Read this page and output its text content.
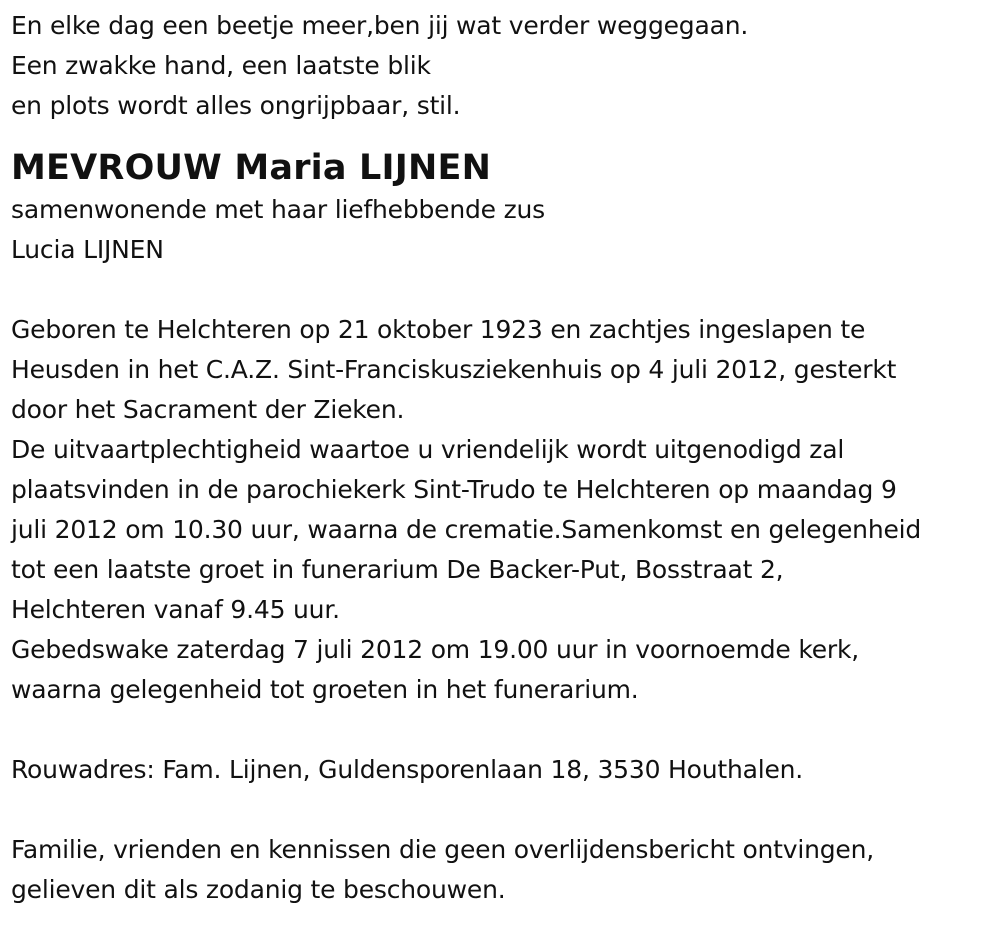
En elke dag een beetje meer,ben jij wat verder weggegaan.
Een zwakke hand, een laatste blik
en plots wordt alles ongrijpbaar, stil.
MEVROUW Maria LIJNEN
samenwonende met haar liefhebbende zus
Lucia LIJNEN
Geboren te Helchteren op 21 oktober 1923 en zachtjes ingeslapen te
Heusden in het C.A.Z. Sint-Franciskusziekenhuis op 4 juli 2012, gesterkt
door het Sacrament der Zieken.
De uitvaartplechtigheid waartoe u vriendelijk wordt uitgenodigd zal
plaatsvinden in de parochiekerk Sint-Trudo te Helchteren op maandag 9
juli 2012 om 10.30 uur, waarna de crematie.Samenkomst en gelegenheid
tot een laatste groet in funerarium De Backer-Put, Bosstraat 2,
Helchteren vanaf 9.45 uur.
Gebedswake zaterdag 7 juli 2012 om 19.00 uur in voornoemde kerk,
waarna gelegenheid tot groeten in het funerarium.
Rouwadres: Fam. Lijnen, Guldensporenlaan 18, 3530 Houthalen.
Familie, vrienden en kennissen die geen overlijdensbericht ontvingen,
gelieven dit als zodanig te beschouwen.
